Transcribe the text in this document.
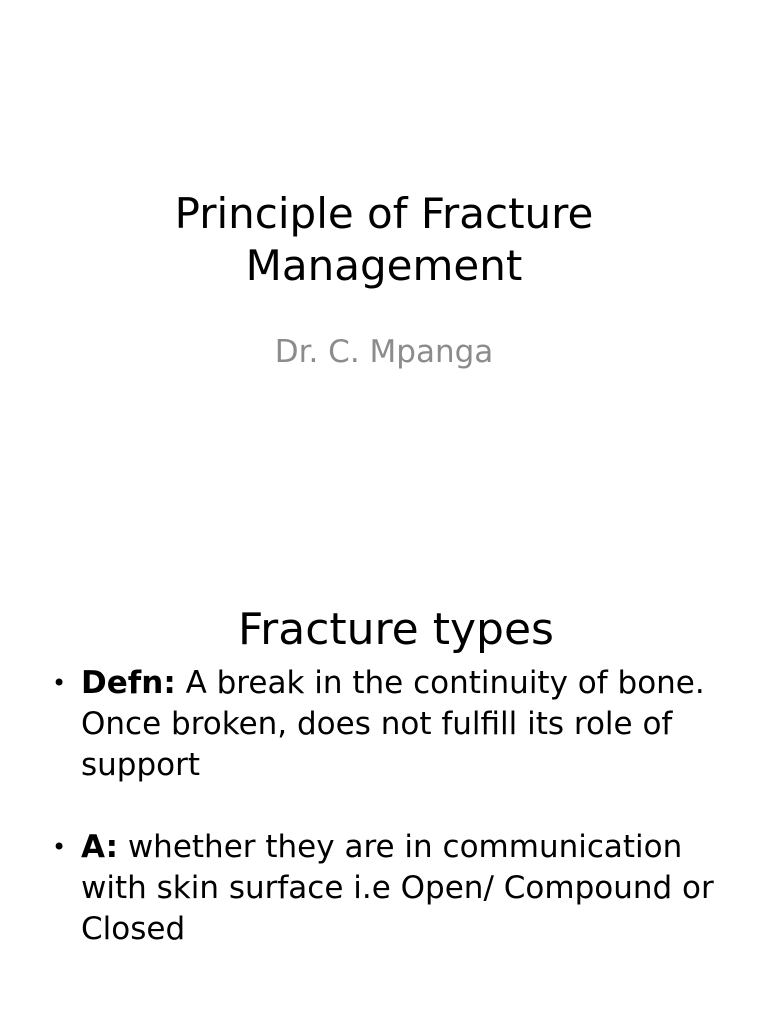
Principle of Fracture
Management

Dr. C. Mpanga

Fracture types
• Defn: A break in the continuity of bone. Once broken, does not fulfill its role of support
• A: whether they are in communication with skin surface i.e Open/ Compound or Closed
